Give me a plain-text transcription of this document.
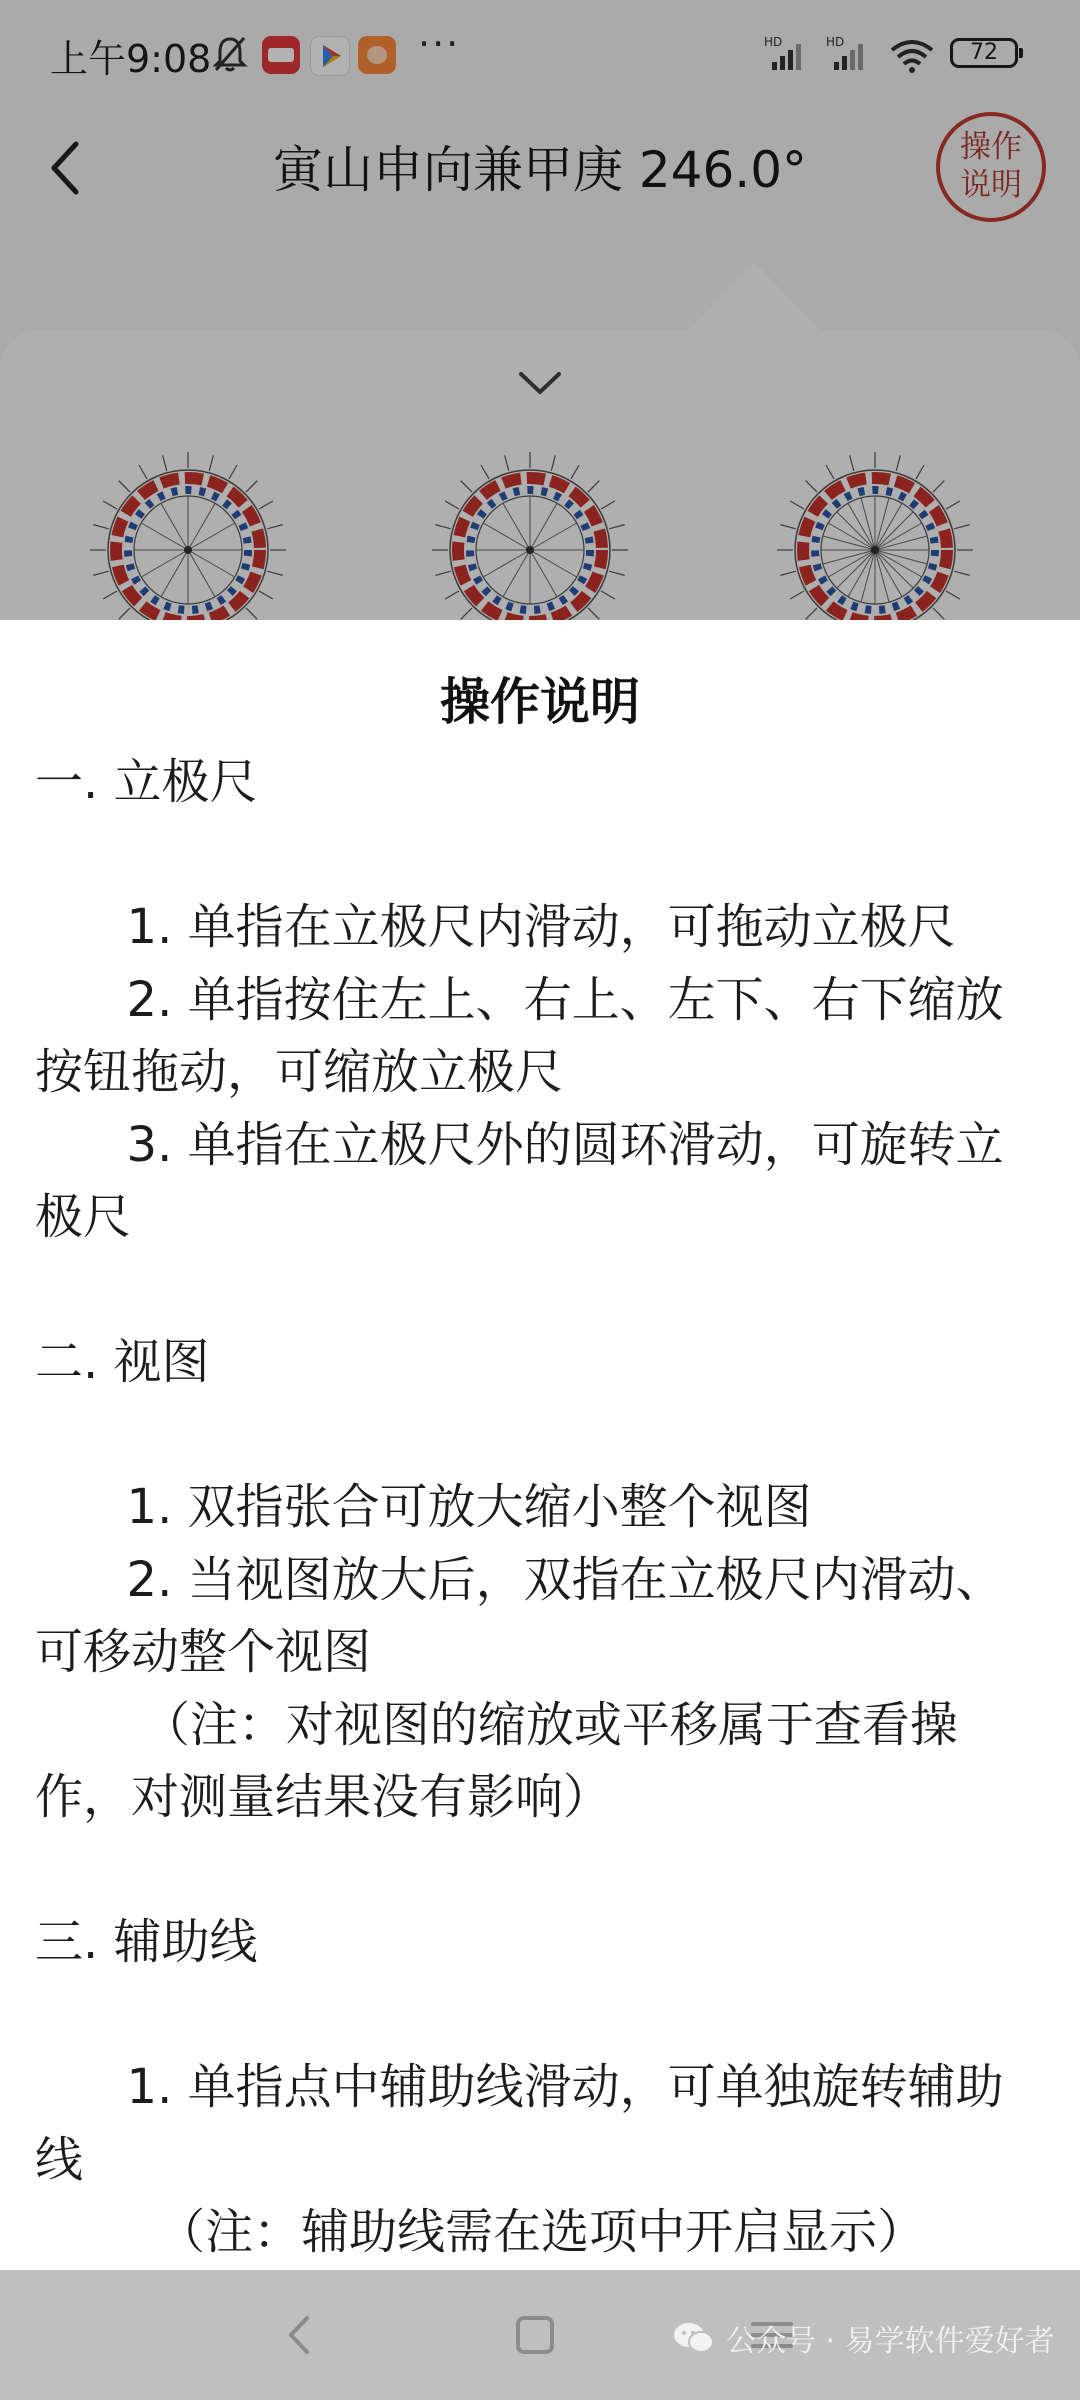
上午9:08	···	HD	HD	72
寅山申向兼甲庚 246.0°	操作
说明
操作说明
一. 立极尺

1. 单指在立极尺内滑动，可拖动立极尺
2. 单指按住左上、右上、左下、右下缩放按钮拖动，可缩放立极尺
3. 单指在立极尺外的圆环滑动，可旋转立极尺

二. 视图

1. 双指张合可放大缩小整个视图
2. 当视图放大后，双指在立极尺内滑动、可移动整个视图
（注：对视图的缩放或平移属于查看操作，对测量结果没有影响）

三. 辅助线

1. 单指点中辅助线滑动，可单独旋转辅助线
（注：辅助线需在选项中开启显示）
公众号 · 易学软件爱好者
